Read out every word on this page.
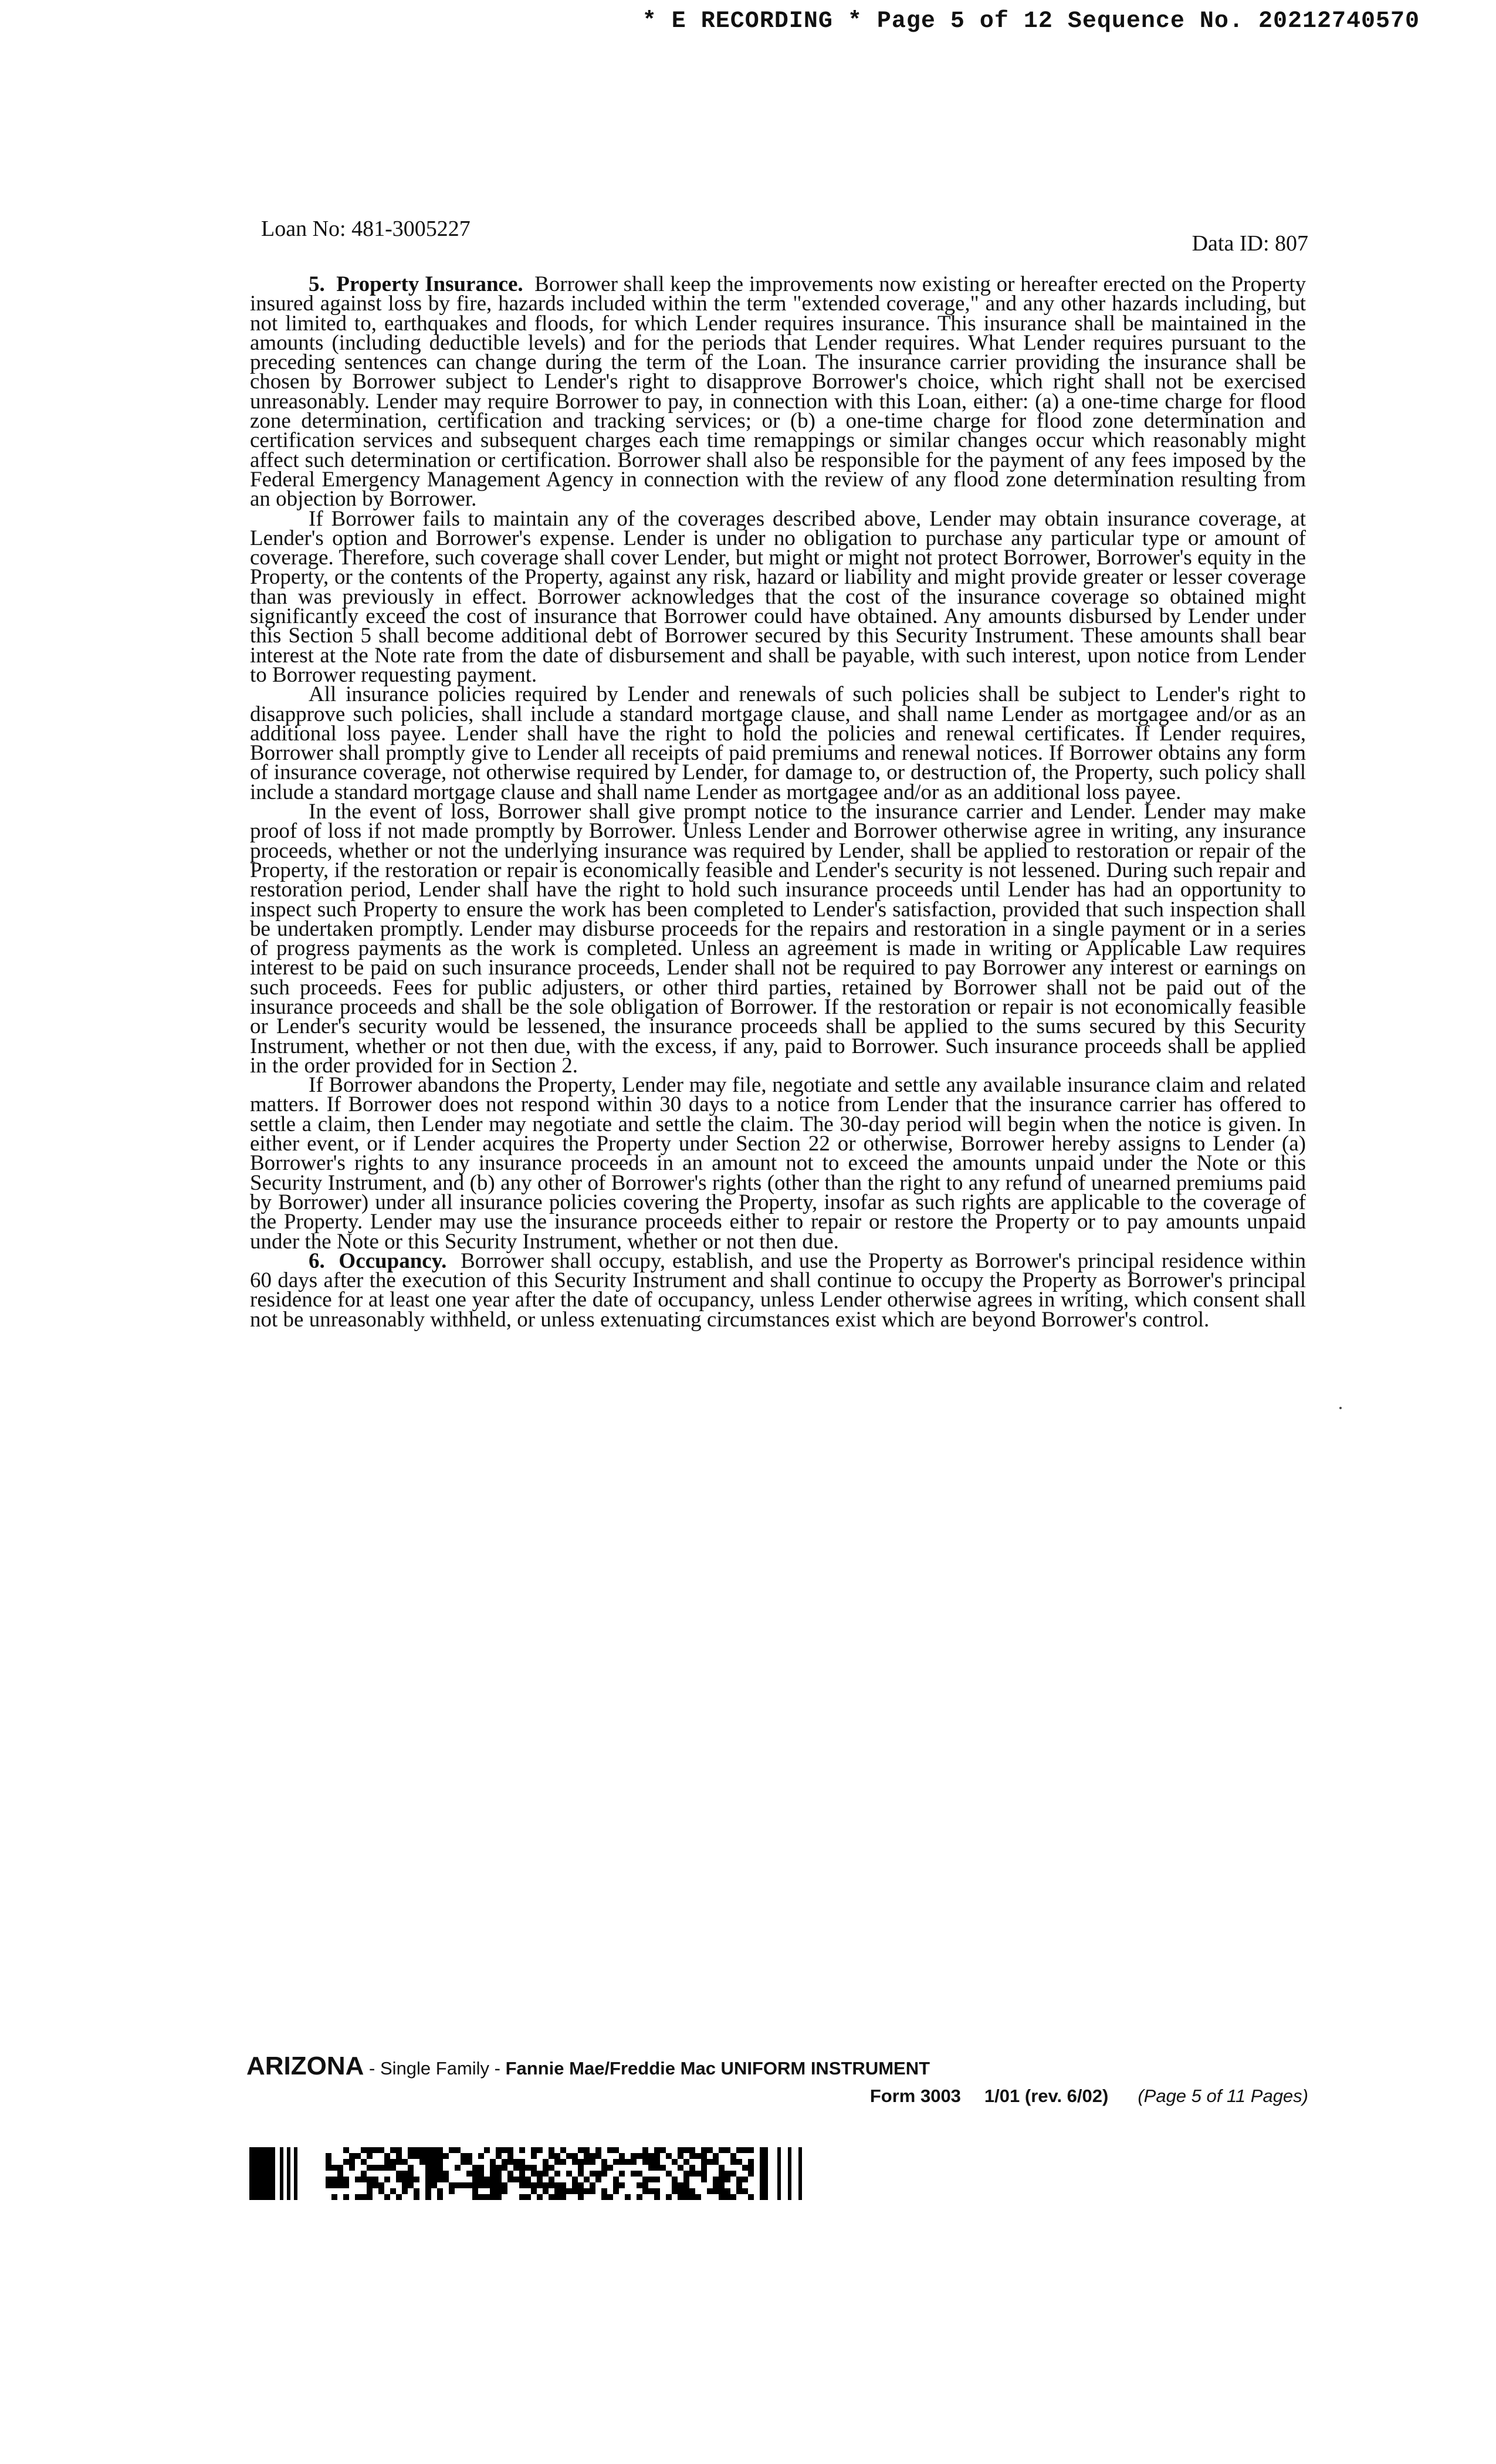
* E RECORDING * Page 5 of 12 Sequence No. 20212740570
Loan No: 481-3005227
Data ID: 807

5. Property Insurance. Borrower shall keep the improvements now existing or hereafter erected on the Property insured against loss by fire, hazards included within the term "extended coverage," and any other hazards including, but not limited to, earthquakes and floods, for which Lender requires insurance. This insurance shall be maintained in the amounts (including deductible levels) and for the periods that Lender requires. What Lender requires pursuant to the preceding sentences can change during the term of the Loan. The insurance carrier providing the insurance shall be chosen by Borrower subject to Lender's right to disapprove Borrower's choice, which right shall not be exercised unreasonably. Lender may require Borrower to pay, in connection with this Loan, either: (a) a one-time charge for flood zone determination, certification and tracking services; or (b) a one-time charge for flood zone determination and certification services and subsequent charges each time remappings or similar changes occur which reasonably might affect such determination or certification. Borrower shall also be responsible for the payment of any fees imposed by the Federal Emergency Management Agency in connection with the review of any flood zone determination resulting from an objection by Borrower.

If Borrower fails to maintain any of the coverages described above, Lender may obtain insurance coverage, at Lender's option and Borrower's expense. Lender is under no obligation to purchase any particular type or amount of coverage. Therefore, such coverage shall cover Lender, but might or might not protect Borrower, Borrower's equity in the Property, or the contents of the Property, against any risk, hazard or liability and might provide greater or lesser coverage than was previously in effect. Borrower acknowledges that the cost of the insurance coverage so obtained might significantly exceed the cost of insurance that Borrower could have obtained. Any amounts disbursed by Lender under this Section 5 shall become additional debt of Borrower secured by this Security Instrument. These amounts shall bear interest at the Note rate from the date of disbursement and shall be payable, with such interest, upon notice from Lender to Borrower requesting payment.

All insurance policies required by Lender and renewals of such policies shall be subject to Lender's right to disapprove such policies, shall include a standard mortgage clause, and shall name Lender as mortgagee and/or as an additional loss payee. Lender shall have the right to hold the policies and renewal certificates. If Lender requires, Borrower shall promptly give to Lender all receipts of paid premiums and renewal notices. If Borrower obtains any form of insurance coverage, not otherwise required by Lender, for damage to, or destruction of, the Property, such policy shall include a standard mortgage clause and shall name Lender as mortgagee and/or as an additional loss payee.

In the event of loss, Borrower shall give prompt notice to the insurance carrier and Lender. Lender may make proof of loss if not made promptly by Borrower. Unless Lender and Borrower otherwise agree in writing, any insurance proceeds, whether or not the underlying insurance was required by Lender, shall be applied to restoration or repair of the Property, if the restoration or repair is economically feasible and Lender's security is not lessened. During such repair and restoration period, Lender shall have the right to hold such insurance proceeds until Lender has had an opportunity to inspect such Property to ensure the work has been completed to Lender's satisfaction, provided that such inspection shall be undertaken promptly. Lender may disburse proceeds for the repairs and restoration in a single payment or in a series of progress payments as the work is completed. Unless an agreement is made in writing or Applicable Law requires interest to be paid on such insurance proceeds, Lender shall not be required to pay Borrower any interest or earnings on such proceeds. Fees for public adjusters, or other third parties, retained by Borrower shall not be paid out of the insurance proceeds and shall be the sole obligation of Borrower. If the restoration or repair is not economically feasible or Lender's security would be lessened, the insurance proceeds shall be applied to the sums secured by this Security Instrument, whether or not then due, with the excess, if any, paid to Borrower. Such insurance proceeds shall be applied in the order provided for in Section 2.

If Borrower abandons the Property, Lender may file, negotiate and settle any available insurance claim and related matters. If Borrower does not respond within 30 days to a notice from Lender that the insurance carrier has offered to settle a claim, then Lender may negotiate and settle the claim. The 30-day period will begin when the notice is given. In either event, or if Lender acquires the Property under Section 22 or otherwise, Borrower hereby assigns to Lender (a) Borrower's rights to any insurance proceeds in an amount not to exceed the amounts unpaid under the Note or this Security Instrument, and (b) any other of Borrower's rights (other than the right to any refund of unearned premiums paid by Borrower) under all insurance policies covering the Property, insofar as such rights are applicable to the coverage of the Property. Lender may use the insurance proceeds either to repair or restore the Property or to pay amounts unpaid under the Note or this Security Instrument, whether or not then due.

6. Occupancy. Borrower shall occupy, establish, and use the Property as Borrower's principal residence within 60 days after the execution of this Security Instrument and shall continue to occupy the Property as Borrower's principal residence for at least one year after the date of occupancy, unless Lender otherwise agrees in writing, which consent shall not be unreasonably withheld, or unless extenuating circumstances exist which are beyond Borrower's control.

ARIZONA - Single Family - Fannie Mae/Freddie Mac UNIFORM INSTRUMENT
Form 3003 1/01 (rev. 6/02) (Page 5 of 11 Pages)
